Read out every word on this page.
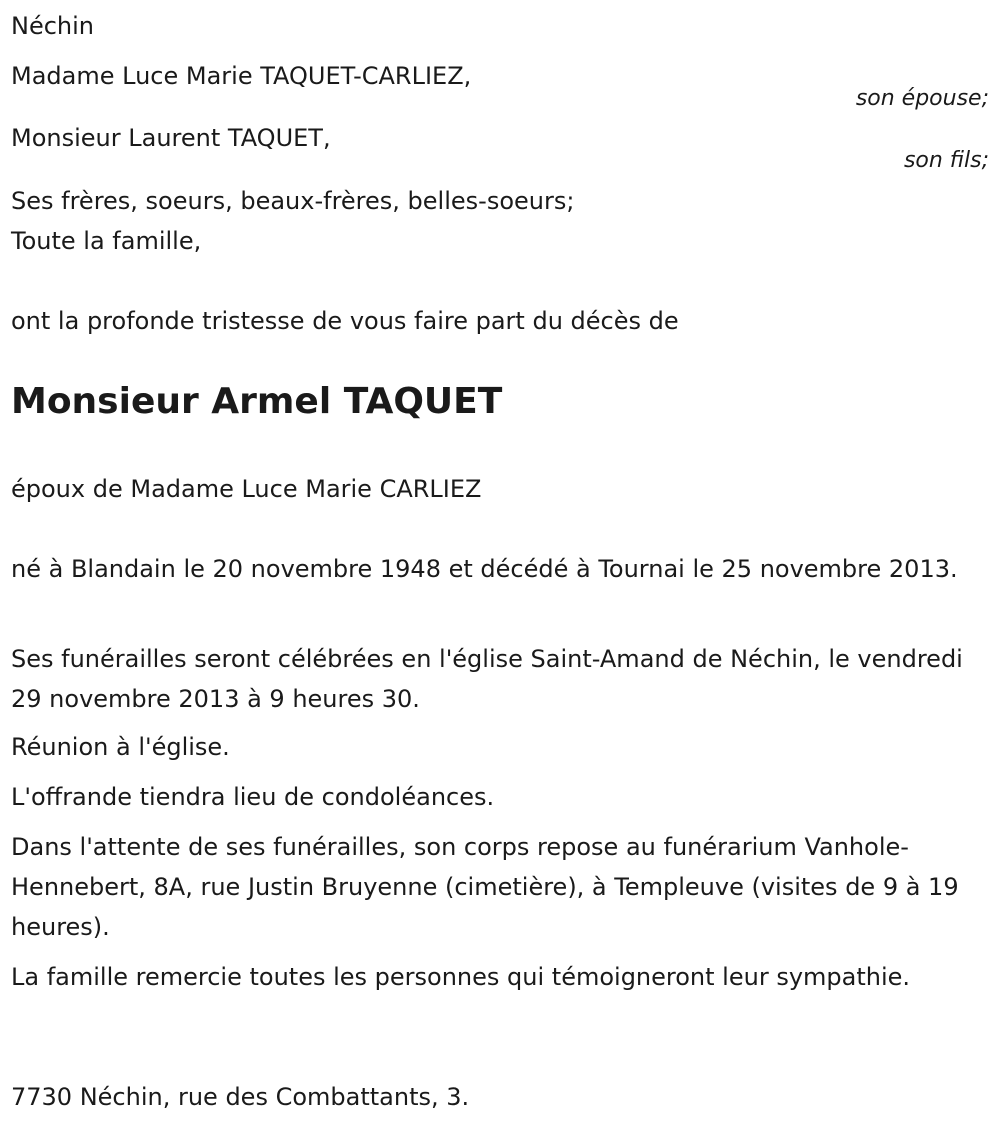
Néchin
Madame Luce Marie TAQUET-CARLIEZ,
son épouse;
Monsieur Laurent TAQUET,
son fils;
Ses frères, soeurs, beaux-frères, belles-soeurs;
Toute la famille,
ont la profonde tristesse de vous faire part du décès de
Monsieur Armel TAQUET
époux de Madame Luce Marie CARLIEZ
né à Blandain le 20 novembre 1948 et décédé à Tournai le 25 novembre 2013.
Ses funérailles seront célébrées en l'église Saint-Amand de Néchin, le vendredi 29 novembre 2013 à 9 heures 30.
Réunion à l'église.
L'offrande tiendra lieu de condoléances.
Dans l'attente de ses funérailles, son corps repose au funérarium Vanhole-Hennebert, 8A, rue Justin Bruyenne (cimetière), à Templeuve (visites de 9 à 19 heures).
La famille remercie toutes les personnes qui témoigneront leur sympathie.
7730 Néchin, rue des Combattants, 3.
